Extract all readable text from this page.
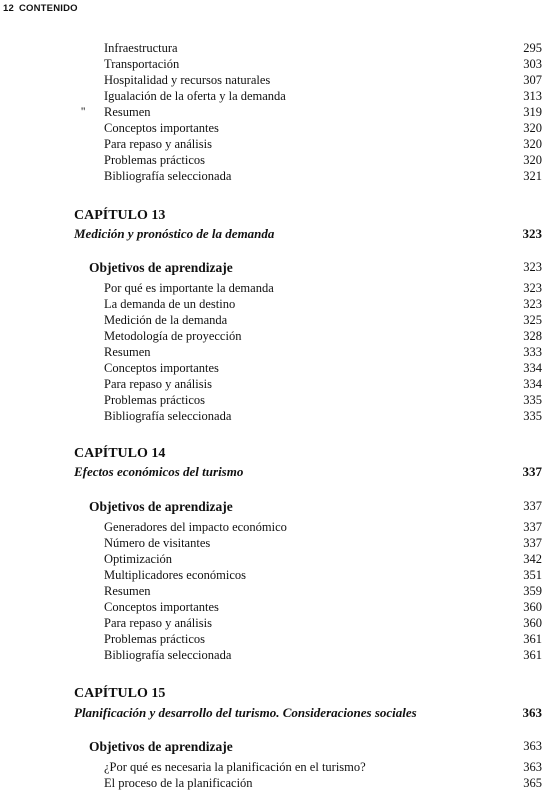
12 CONTENIDO
''
Infraestructura	295
Transportación	303
Hospitalidad y recursos naturales	307
Igualación de la oferta y la demanda	313
Resumen	319
Conceptos importantes	320
Para repaso y análisis	320
Problemas prácticos	320
Bibliografía seleccionada	321
CAPÍTULO 13
Medición y pronóstico de la demanda	323
Objetivos de aprendizaje	323
Por qué es importante la demanda	323
La demanda de un destino	323
Medición de la demanda	325
Metodología de proyección	328
Resumen	333
Conceptos importantes	334
Para repaso y análisis	334
Problemas prácticos	335
Bibliografía seleccionada	335
CAPÍTULO 14
Efectos económicos del turismo	337
Objetivos de aprendizaje	337
Generadores del impacto económico	337
Número de visitantes	337
Optimización	342
Multiplicadores económicos	351
Resumen	359
Conceptos importantes	360
Para repaso y análisis	360
Problemas prácticos	361
Bibliografía seleccionada	361
CAPÍTULO 15
Planificación y desarrollo del turismo. Consideraciones sociales	363
Objetivos de aprendizaje	363
¿Por qué es necesaria la planificación en el turismo?	363
El proceso de la planificación	365
